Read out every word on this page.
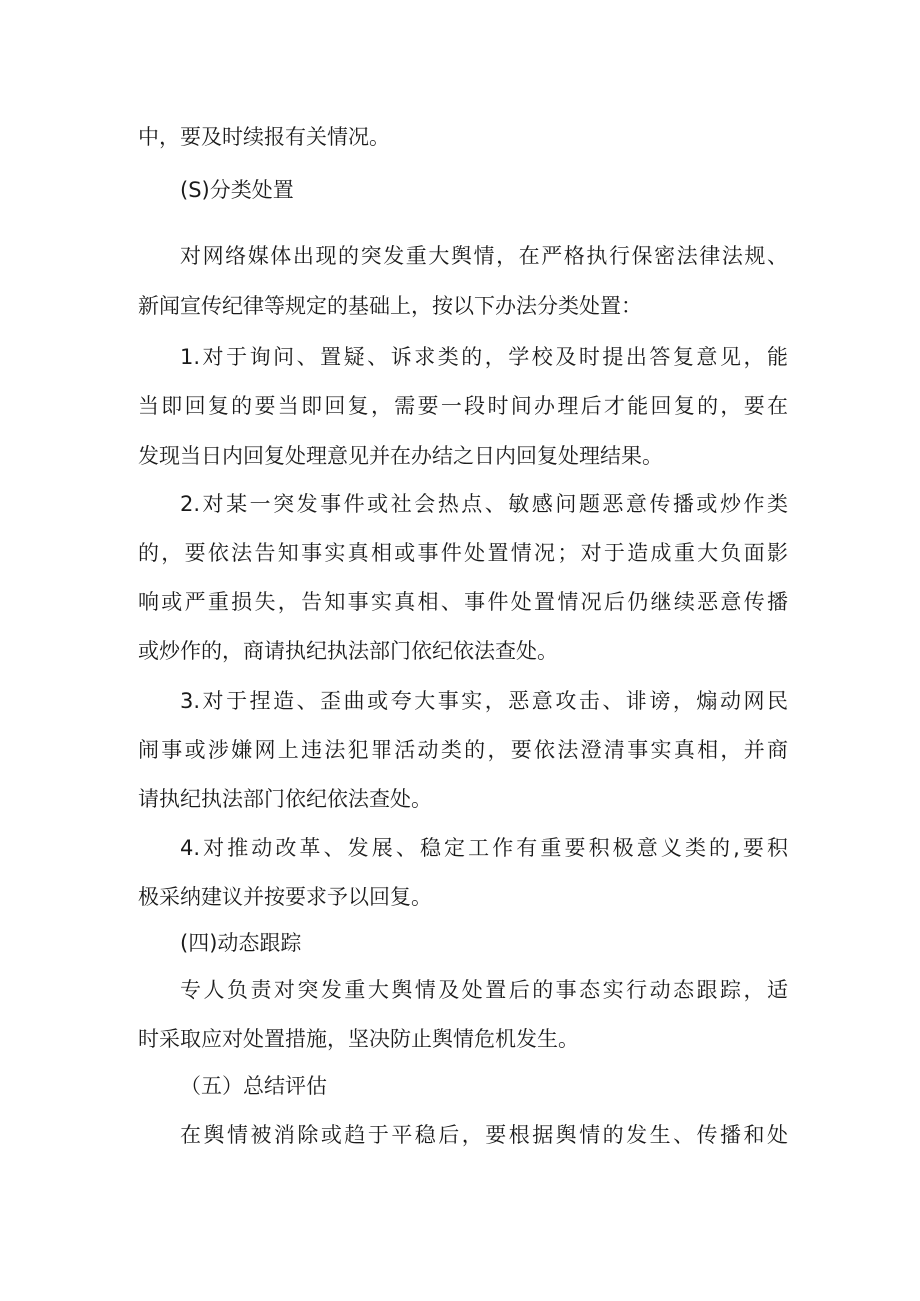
中，要及时续报有关情况。
(S)分类处置
对网络媒体出现的突发重大舆情，在严格执行保密法律法规、
新闻宣传纪律等规定的基础上，按以下办法分类处置：
1.对于询问、置疑、诉求类的，学校及时提出答复意见，能
当即回复的要当即回复，需要一段时间办理后才能回复的，要在
发现当日内回复处理意见并在办结之日内回复处理结果。
2.对某一突发事件或社会热点、敏感问题恶意传播或炒作类
的，要依法告知事实真相或事件处置情况；对于造成重大负面影
响或严重损失，告知事实真相、事件处置情况后仍继续恶意传播
或炒作的，商请执纪执法部门依纪依法查处。
3.对于捏造、歪曲或夸大事实，恶意攻击、诽谤，煽动网民
闹事或涉嫌网上违法犯罪活动类的，要依法澄清事实真相，并商
请执纪执法部门依纪依法查处。
4.对推动改革、发展、稳定工作有重要积极意义类的,要积
极采纳建议并按要求予以回复。
(四)动态跟踪
专人负责对突发重大舆情及处置后的事态实行动态跟踪，适
时采取应对处置措施，坚决防止舆情危机发生。
（五）总结评估
在舆情被消除或趋于平稳后，要根据舆情的发生、传播和处
